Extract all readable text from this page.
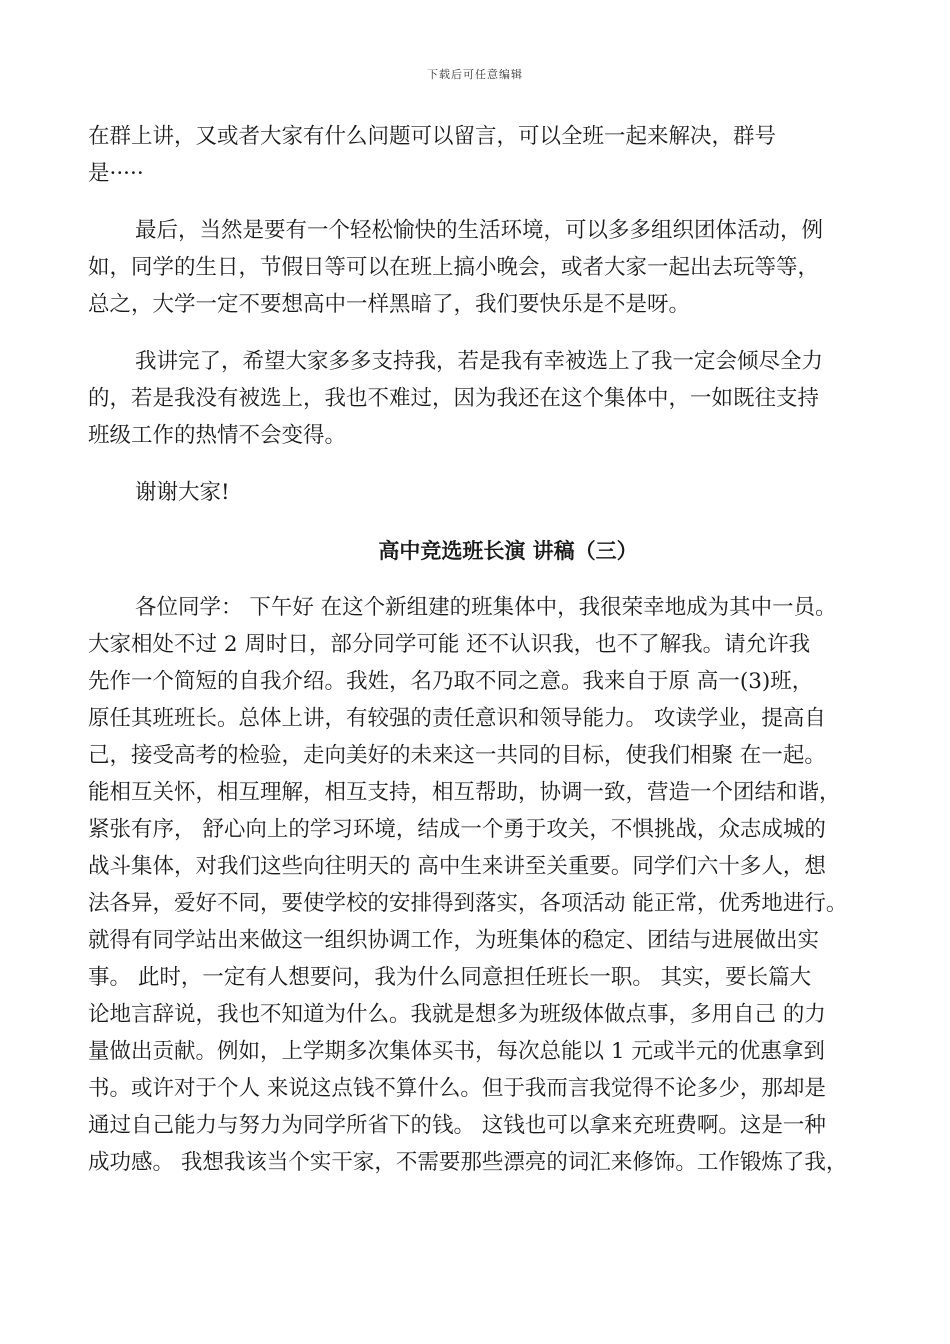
下载后可任意编辑
在群上讲，又或者大家有什么问题可以留言，可以全班一起来解决，群号
是·····
最后，当然是要有一个轻松愉快的生活环境，可以多多组织团体活动，例
如，同学的生日，节假日等可以在班上搞小晚会，或者大家一起出去玩等等，
总之，大学一定不要想高中一样黑暗了，我们要快乐是不是呀。
我讲完了，希望大家多多支持我，若是我有幸被选上了我一定会倾尽全力
的，若是我没有被选上，我也不难过，因为我还在这个集体中，一如既往支持
班级工作的热情不会变得。
谢谢大家!
高中竞选班长演 讲稿（三）
各位同学： 下午好 在这个新组建的班集体中，我很荣幸地成为其中一员。
大家相处不过 2 周时日，部分同学可能 还不认识我，也不了解我。请允许我
先作一个简短的自我介绍。我姓，名乃取不同之意。我来自于原 高一(3)班，
原任其班班长。总体上讲，有较强的责任意识和领导能力。 攻读学业，提高自
己，接受高考的检验，走向美好的未来这一共同的目标，使我们相聚 在一起。
能相互关怀，相互理解，相互支持，相互帮助，协调一致，营造一个团结和谐，
紧张有序， 舒心向上的学习环境，结成一个勇于攻关，不惧挑战，众志成城的
战斗集体，对我们这些向往明天的 高中生来讲至关重要。同学们六十多人，想
法各异，爱好不同，要使学校的安排得到落实，各项活动 能正常，优秀地进行。
就得有同学站出来做这一组织协调工作，为班集体的稳定、团结与进展做出实
事。 此时，一定有人想要问，我为什么同意担任班长一职。 其实，要长篇大
论地言辞说，我也不知道为什么。我就是想多为班级体做点事，多用自己 的力
量做出贡献。例如，上学期多次集体买书，每次总能以 1 元或半元的优惠拿到
书。或许对于个人 来说这点钱不算什么。但于我而言我觉得不论多少，那却是
通过自己能力与努力为同学所省下的钱。 这钱也可以拿来充班费啊。这是一种
成功感。 我想我该当个实干家，不需要那些漂亮的词汇来修饰。工作锻炼了我，
